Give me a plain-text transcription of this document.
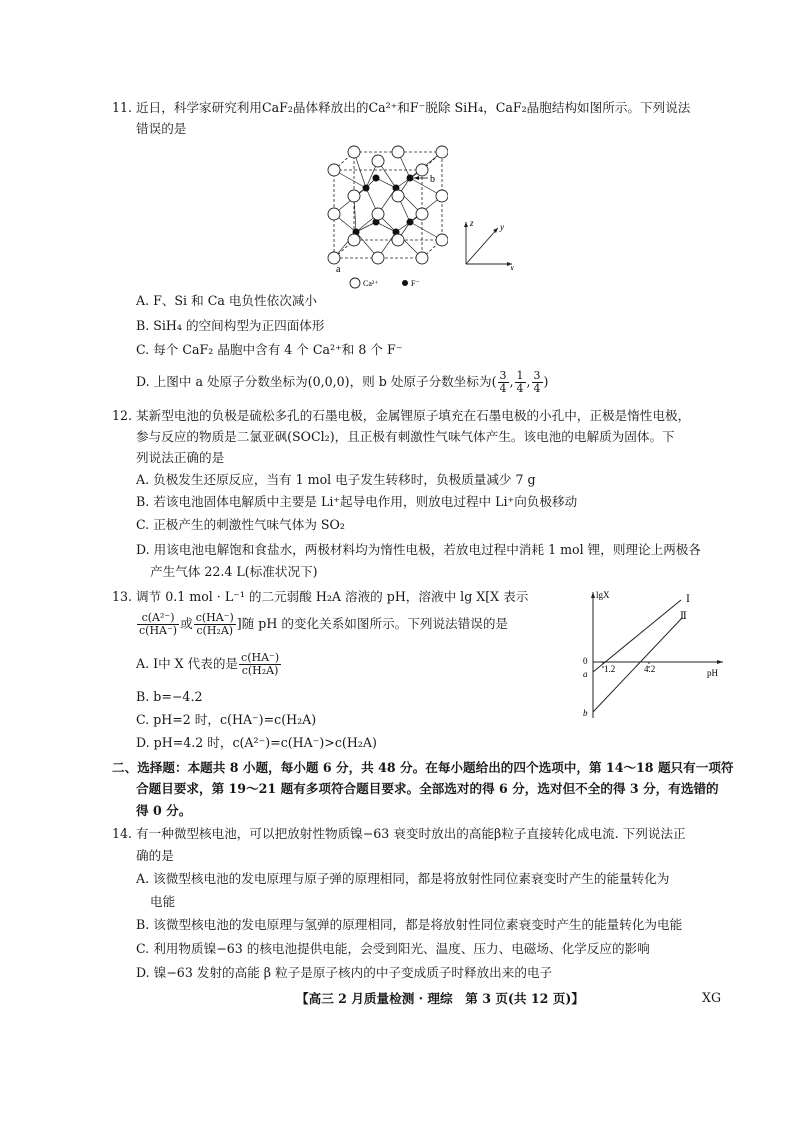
11. 近日，科学家研究利用CaF₂晶体释放出的Ca²⁺和F⁻脱除 SiH₄，CaF₂晶胞结构如图所示。下列说法
错误的是
b
a
Ca²⁺	F⁻
z	y
x
A. F、Si 和 Ca 电负性依次减小
B. SiH₄ 的空间构型为正四面体形
C. 每个 CaF₂ 晶胞中含有 4 个 Ca²⁺和 8 个 F⁻
D. 上图中 a 处原子分数坐标为(0,0,0)，则 b 处原子分数坐标为( $\frac{3}{4}$ , $\frac{1}{4}$ , $\frac{3}{4}$ )
12. 某新型电池的负极是硫松多孔的石墨电极，金属锂原子填充在石墨电极的小孔中，正极是惰性电极，
参与反应的物质是二氯亚砜(SOCl₂)，且正极有刺激性气味气体产生。该电池的电解质为固体。下
列说法正确的是
A. 负极发生还原反应，当有 1 mol 电子发生转移时，负极质量减少 7 g
B. 若该电池固体电解质中主要是 Li⁺起导电作用，则放电过程中 Li⁺向负极移动
C. 正极产生的刺激性气味气体为 SO₂
D. 用该电池电解饱和食盐水，两极材料均为惰性电极，若放电过程中消耗 1 mol 锂，则理论上两极各
产生气体 22.4 L(标准状况下)
13. 调节 0.1 mol · L⁻¹ 的二元弱酸 H₂A 溶液的 pH，溶液中 lg X[X 表示
$\frac{\text{c(A²⁻)}}{c(HA^-)}$ 或 $\frac{c(HA^-)}{\text{c(H₂A)}}$ ]随 pH 的变化关系如图所示。下列说法错误的是
A. Ⅰ中 X 代表的是 $\frac{c(HA^-)}{\text{c(H₂A)}}$
B. b=−4.2
C. pH=2 时，c(HA⁻)=c(H₂A)
D. pH=4.2 时，c(A²⁻)=c(HA⁻)>c(H₂A)
lgX
pH
0
a
b
1.2	4.2
Ⅰ
Ⅱ
二、选择题：本题共 8 小题，每小题 6 分，共 48 分。在每小题给出的四个选项中，第 14～18 题只有一项符
合题目要求，第 19～21 题有多项符合题目要求。全部选对的得 6 分，选对但不全的得 3 分，有选错的
得 0 分。
14. 有一种微型核电池，可以把放射性物质镍−63 衰变时放出的高能β粒子直接转化成电流. 下列说法正
确的是
A. 该微型核电池的发电原理与原子弹的原理相同，都是将放射性同位素衰变时产生的能量转化为
电能
B. 该微型核电池的发电原理与氢弹的原理相同，都是将放射性同位素衰变时产生的能量转化为电能
C. 利用物质镍−63 的核电池提供电能，会受到阳光、温度、压力、电磁场、化学反应的影响
D. 镍−63 发射的高能 β 粒子是原子核内的中子变成质子时释放出来的电子
【高三 2 月质量检测 · 理综　第 3 页(共 12 页)】	XG
